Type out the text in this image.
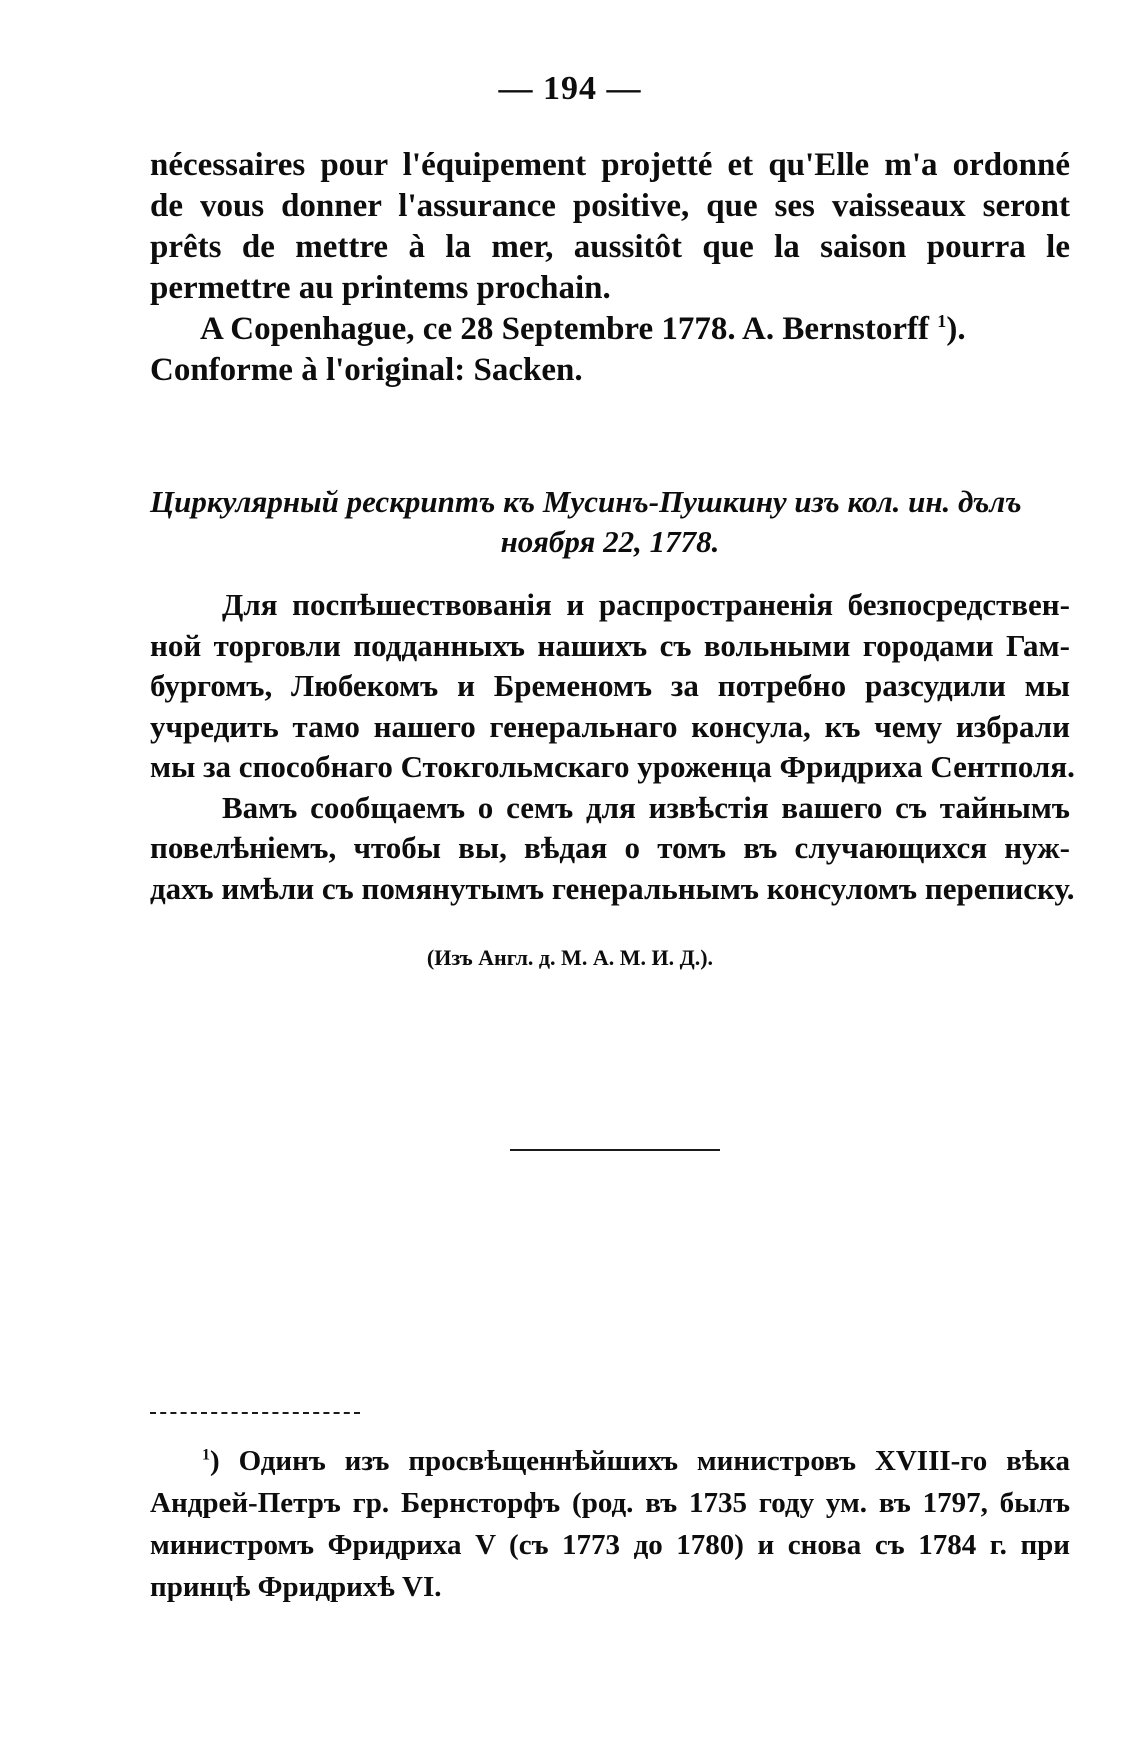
— 194 —
nécessaires pour l'équipement projetté et qu'Elle m'a ordonné
de vous donner l'assurance positive, que ses vaisseaux seront
prêts de mettre à la mer, aussitôt que la saison pourra le
permettre au printems prochain.
A Copenhague, ce 28 Septembre 1778. A. Bernstorff $^1$).
Conforme à l'original: Sacken.
Циркулярный рескриптъ къ Мусинъ-Пушкину изъ кол. ин. дълъ
ноября 22, 1778.
Для поспѣшествованія и распространенія безпосредствен-
ной торговли подданныхъ нашихъ съ вольными городами Гам-
бургомъ, Любекомъ и Бременомъ за потребно разсудили мы
учредить тамо нашего генеральнаго консула, къ чему избрали
мы за способнаго Стокгольмскаго уроженца Фридриха Сентполя.
Вамъ сообщаемъ о семъ для извѣстія вашего съ тайнымъ
повелѣніемъ, чтобы вы, вѣдая о томъ въ случающихся нуж-
дахъ имѣли съ помянутымъ генеральнымъ консуломъ переписку.
(Изъ Англ. д. М. А. М. И. Д.).
$^1$) Одинъ изъ просвѣщеннѣйшихъ министровъ XVIII-го вѣка
Андрей-Петръ гр. Бернсторфъ (род. въ 1735 году ум. въ 1797, былъ
министромъ Фридриха V (съ 1773 до 1780) и снова съ 1784 г. при
принцѣ Фридрихѣ VI.
